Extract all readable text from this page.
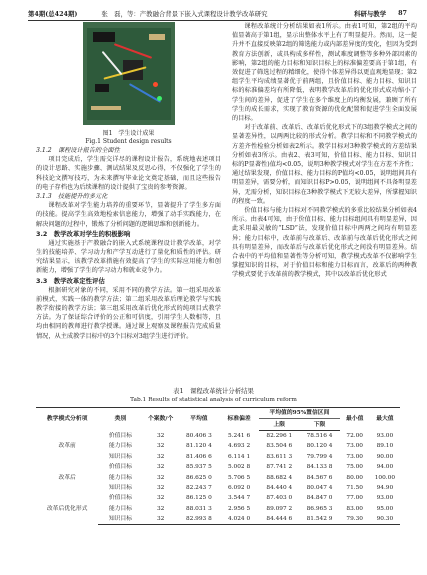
第4期(总424期)	张　磊，等：产教融合背景下嵌入式课程设计教学改革研究	科研与教学 87
图1　学生设计成果
Fig.1 Student design results
3.1.2　课程设计报告的全面性

项目完成后，学生需交详尽的课程设计报告，系统地表述项目的设计思路、实施步骤、测试结果及反思心得，不仅强化了学生的科技论文撰写技巧，为未来撰写毕业论文奠定基础，而且这些报告的电子存档也为后续课程的设计提供了宝贵的参考资源。

3.1.3　技能提升的多元化

课程改革对学生能力培养的重要环节，显著提升了学生多方面的技能。提高学生高效地检索信息能力，增强了动手实践能力，在解决问题的过程中，锻炼了分析问题的逻辑思维和创新能力。

3.2　教学改革对学生的积极影响

通过实施基于产教融合的嵌入式系统课程设计教学改革，对学生的技能培养、学习动力和产学互动进行了量化和质性的评估。研究结果显示，该教学改革措施有效提高了学生的实际应用能力和创新能力，增强了学生的学习动力和就业竞争力。

3.3　教学改革定性评估

根据研究对象的不同，采用不同的教学方法。第一组采用改革前模式，实践一体的教学方法；第二组采用改革后理论教学与实践教学衔接的教学方法；第三组采用改革后优化形式的纯项目式教学方法。为了保证综合评价的公正和可信度，引用学生人数相等，且均由相同的教师进行教学授课。通过课上观察及课程报告完成质量情况，从主成教学目标中的3个目标对3组学生进行评价。

课程改革统计分析结果如表1所示。由表1可知，第2组的平均值显著高于第1组，显示出整体水平上有了明显提升。然而，这一提升并不直接反映第2组的筛选能力或内部差异度的变化，但因为受到教育方法创新，或具构成多样性，测试难度调整等多种外部因素的影响，第2组的能力目标和知识目标上的标准偏差要高于第1组，有效促进了筛选过程的精细化，使得个体差异得以更直观地显现；第2组学生平均成绩显著优于前两组，且价值目标、能力目标、知识目标的标准偏差均有所降低，表明教学改革后的优化形式成功缩小了学生间的差异，促进了学生在多个维度上的均衡发展，兼顾了所有学生的成长需求，实现了教育资源的优化配置和促进学生全面发展的目标。

对于改革前、改革后、改革后优化形式下的3组教学模式之间的显著差异性，以两两比较的形式分析。教学目标和不同教学模式的方差齐性检验分析如表2所示。教学目标对3种教学模式的方差结果分析如表3所示。由表2、表3可知，价值目标、能力目标、知识目标的P显著性)值均<0.05，说明3种教学模式对学生在方差不齐性；通过结果发现，价值目标、能力目标的P值均<0.05，说明组间具有明显差异，需要分析，而知识目标P>0.05，说明组间不具备明显差异，无需分析，知识目标在3种教学模式下无较大差异，所掌握知识的程度一致。

价值目标与能力目标对不同教学模式的多重比较结果分析如表4所示。由表4可知，由于价值目标、能力目标组间具有明显差异，因此采用最灵敏的“LSD”法，发现价值目标中两两之间均有明显差异；能力目标中，改革前与改革后、改革前与改革后优化形式之间具有明显差异，而改革后与改革后优化形式之间没有明显差异。结合表中的平均值和显著性等分析可知，教学模式改革不仅影响学生掌握知识的目标，对于价值目标和能力目标而言，改革后的两种教学模式要优于改革前的教学模式，其中以改革后优化形式

表1　课程改革统计分析结果
Tab.1 Results of statistical analysis of curriculum reform
教学模式分析项	类别	个案数/个	平均值	标准偏差	平均值的95%置信区间		最小值	最大值
					上限	下限		
改革前	价值目标	32	80.406 3	5.241 6	82.296 1	78.516 4	72.00	93.00
	能力目标	32	81.120 4	4.693 2	83.504 6	80.120 4	73.00	89.10
	知识目标	32	81.406 6	6.114 1	83.611 3	79.799 4	73.00	90.00
改革后	价值目标	32	85.937 5	5.002 8	87.741 2	84.133 8	75.00	94.00
	能力目标	32	86.625 0	5.706 5	88.682 4	84.567 6	80.00	100.00
	知识目标	32	82.243 7	6.092 0	84.440 4	80.047 4	71.50	94.90
改革后优化形式	价值目标	32	86.125 0	3.544 7	87.403 0	84.847 0	77.00	93.00
	能力目标	32	88.031 3	2.956 5	89.097 2	86.965 3	83.00	95.00
	知识目标	32	82.993 8	4.024 0	84.444 6	81.542 9	79.30	90.30
